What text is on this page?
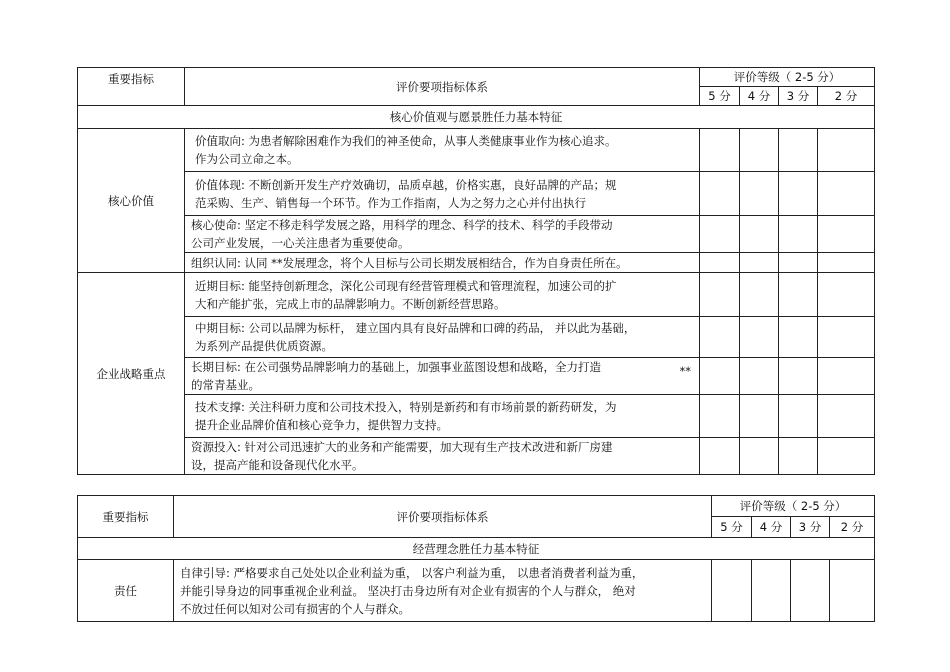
重要指标	评价要项指标体系	评价等级（ 2-5 分）			
		5 分	4 分	3 分	2 分
核心价值观与愿景胜任力基本特征					
核心价值	价值取向: 为患者解除困难作为我们的神圣使命，从事人类健康事业作为核心追求。
作为公司立命之本。				

	价值体现: 不断创新开发生产疗效确切，品质卓越，价格实惠，良好品牌的产品；规
范采购、生产、销售每一个环节。作为工作指南，人为之努力之心并付出执行				

	核心使命: 坚定不移走科学发展之路，用科学的理念、科学的技术、科学的手段带动
公司产业发展，一心关注患者为重要使命。				

	组织认同: 认同 **发展理念，将个人目标与公司长期发展相结合，作为自身责任所在。				

企业战略重点	近期目标: 能坚持创新理念，深化公司现有经营管理模式和管理流程，加速公司的扩
大和产能扩张，完成上市的品牌影响力。不断创新经营思路。				

	中期目标: 公司以品牌为标杆， 建立国内具有良好品牌和口碑的药品， 并以此为基础，
为系列产品提供优质资源。				

	长期目标: 在公司强势品牌影响力的基础上，加强事业蓝图设想和战略，全力打造
的常青基业。
**				

	技术支撑: 关注科研力度和公司技术投入，特别是新药和有市场前景的新药研发，为
提升企业品牌价值和核心竞争力，提供智力支持。				

	资源投入: 针对公司迅速扩大的业务和产能需要，加大现有生产技术改进和新厂房建
设，提高产能和设备现代化水平。				

重要指标	评价要项指标体系	评价等级（ 2-5 分）			
		5 分	4 分	3 分	2 分
经营理念胜任力基本特征					
责任	自律引导: 严格要求自己处处以企业利益为重， 以客户利益为重， 以患者消费者利益为重，
并能引导身边的同事重视企业利益。 坚决打击身边所有对企业有损害的个人与群众， 绝对
不放过任何以知对公司有损害的个人与群众。				
